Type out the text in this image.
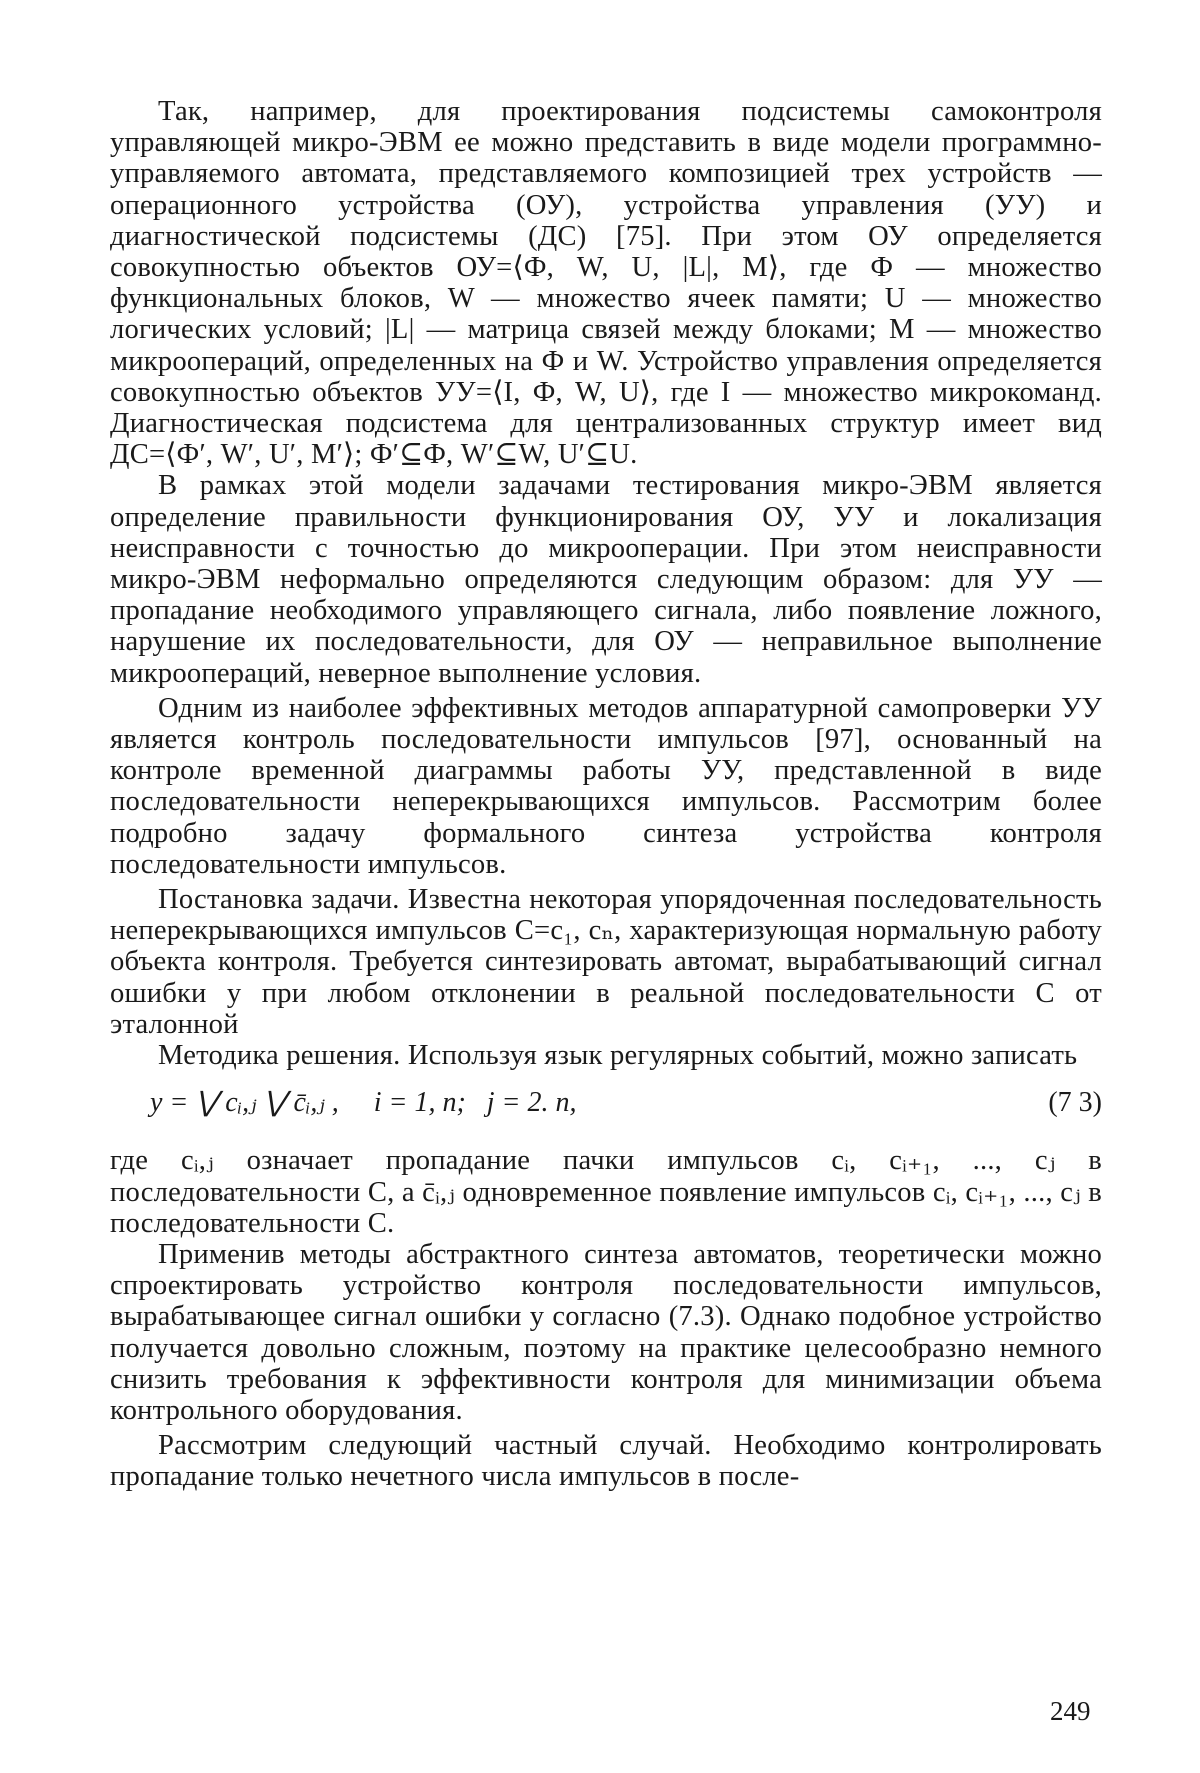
Так, например, для проектирования подсистемы самоконтроля управляющей микро-ЭВМ ее можно представить в виде модели программно-управляемого автомата, представляемого композицией трех устройств — операционного устройства (ОУ), устройства управления (УУ) и диагностической подсистемы (ДС) [75]. При этом ОУ определяется совокупностью объектов ОУ=⟨Ф, W, U, |L|, M⟩, где Ф — множество функциональных блоков, W — множество ячеек памяти; U — множество логических условий; |L| — матрица связей между блоками; M — множество микроопераций, определенных на Ф и W. Устройство управления определяется совокупностью объектов УУ=⟨I, Ф, W, U⟩, где I — множество микрокоманд. Диагностическая подсистема для централизованных структур имеет вид ДС=⟨Ф′, W′, U′, M′⟩; Ф′⊆Ф, W′⊆W, U′⊆U.

В рамках этой модели задачами тестирования микро-ЭВМ является определение правильности функционирования ОУ, УУ и локализация неисправности с точностью до микрооперации. При этом неисправности микро-ЭВМ неформально определяются следующим образом: для УУ — пропадание необходимого управляющего сигнала, либо появление ложного, нарушение их последовательности, для ОУ — неправильное выполнение микроопераций, неверное выполнение условия.

Одним из наиболее эффективных методов аппаратурной самопроверки УУ является контроль последовательности импульсов [97], основанный на контроле временной диаграммы работы УУ, представленной в виде последовательности неперекрывающихся импульсов. Рассмотрим более подробно задачу формального синтеза устройства контроля последовательности импульсов.

Постановка задачи. Известна некоторая упорядоченная последовательность неперекрывающихся импульсов C=c₁, cₙ, характеризующая нормальную работу объекта контроля. Требуется синтезировать автомат, вырабатывающий сигнал ошибки y при любом отклонении в реальной последовательности C от эталонной

Методика решения. Используя язык регулярных событий, можно записать

y = ⋁ cᵢ,ⱼ ⋁ c̄ᵢ,ⱼ ,     i = 1, n;   j = 2. n,	(7 3)

где cᵢ,ⱼ означает пропадание пачки импульсов cᵢ, cᵢ₊₁, ..., cⱼ в последовательности C, а c̄ᵢ,ⱼ одновременное появление импульсов cᵢ, cᵢ₊₁, ..., cⱼ в последовательности C.

Применив методы абстрактного синтеза автоматов, теоретически можно спроектировать устройство контроля последовательности импульсов, вырабатывающее сигнал ошибки y согласно (7.3). Однако подобное устройство получается довольно сложным, поэтому на практике целесообразно немного снизить требования к эффективности контроля для минимизации объема контрольного оборудования.

Рассмотрим следующий частный случай. Необходимо контролировать пропадание только нечетного числа импульсов в после-

249
